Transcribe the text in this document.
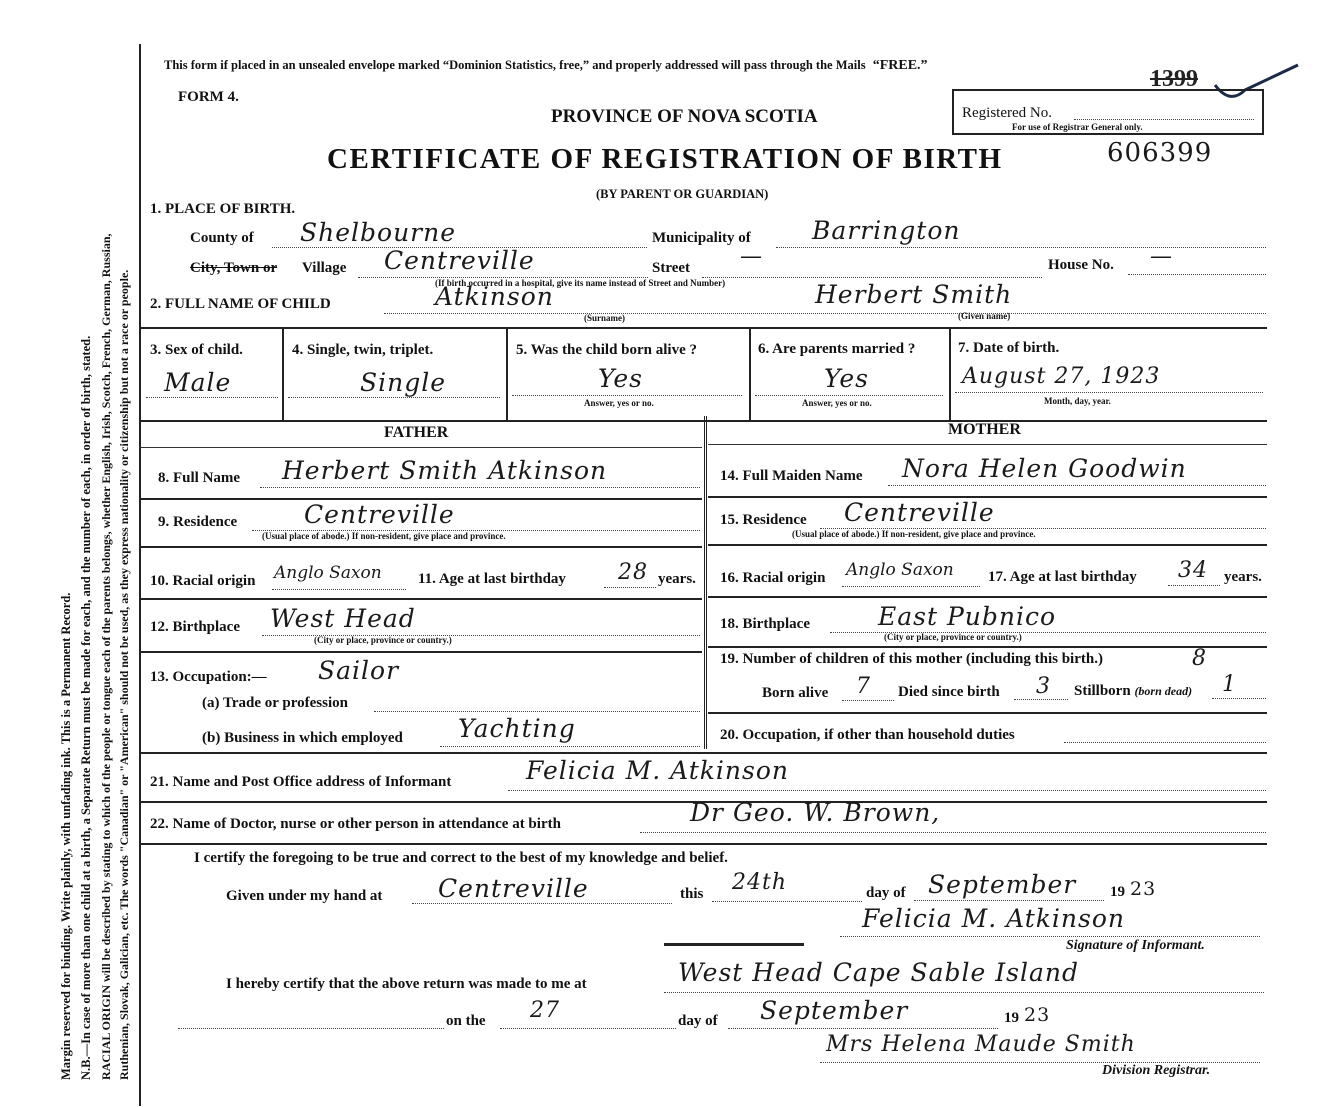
Margin reserved for binding. Write plainly, with unfading ink. This is a Permanent Record. N.B.—In case of more than one child at a birth, a Separate Return must be made for each, and the number of each, in order of birth, stated. RACIAL ORIGIN will be described by stating to which of the people or tongue each of the parents belongs, whether English, Irish, Scotch, French, German, Russian, Ruthenian, Slovak, Galician, etc. The words "Canadian" or "American" should not be used, as they express nationality or citizenship but not a race or people.
This form if placed in an unsealed envelope marked “Dominion Statistics, free,” and properly addressed will pass through the Mails “FREE.”
1399
FORM 4.
PROVINCE OF NOVA SCOTIA	Registered No.
For use of Registrar General only.
CERTIFICATE OF REGISTRATION OF BIRTH	606399
(BY PARENT OR GUARDIAN)
1. PLACE OF BIRTH.
County of Shelbourne	Municipality of Barrington
City, Town or Village Centreville	Street —	House No. —
(If birth occurred in a hospital, give its name instead of Street and Number)
2. FULL NAME OF CHILD	Atkinson
(Surname)
Herbert Smith
(Given name)
3. Sex of child.
Male
4. Single, twin, triplet.
Single
5. Was the child born alive ?
Yes
Answer, yes or no.
6. Are parents married ?
Yes
Answer, yes or no.
7. Date of birth.
August 27, 1923
Month, day, year.
FATHER	MOTHER
8. Full Name Herbert Smith Atkinson	14. Full Maiden Name Nora Helen Goodwin
9. Residence	Centreville
(Usual place of abode.) If non-resident, give place and province.
15. Residence Centreville
(Usual place of abode.) If non-resident, give place and province.
10. Racial origin Anglo Saxon 11. Age at last birthday 28 years. 16. Racial origin Anglo Saxon 17. Age at last birthday 34 years.
12. Birthplace West Head
(City or place, province or country.)
18. Birthplace	East Pubnico
(City or place, province or country.)
13. Occupation:— Sailor
(a) Trade or profession
(b) Business in which employed Yachting
19. Number of children of this mother (including this birth.)	8
Born alive 7 Died since birth 3 Stillborn (born dead) 1
20. Occupation, if other than household duties
21. Name and Post Office address of Informant	Felicia M. Atkinson
22. Name of Doctor, nurse or other person in attendance at birth	Dr Geo. W. Brown,
I certify the foregoing to be true and correct to the best of my knowledge and belief.
Given under my hand at Centreville	this 24th	day of September 19 23
Felicia M. Atkinson
Signature of Informant.
I hereby certify that the above return was made to me at	West Head Cape Sable Island
on the 27	day of September	19 23
Mrs Helena Maude Smith
Division Registrar.
